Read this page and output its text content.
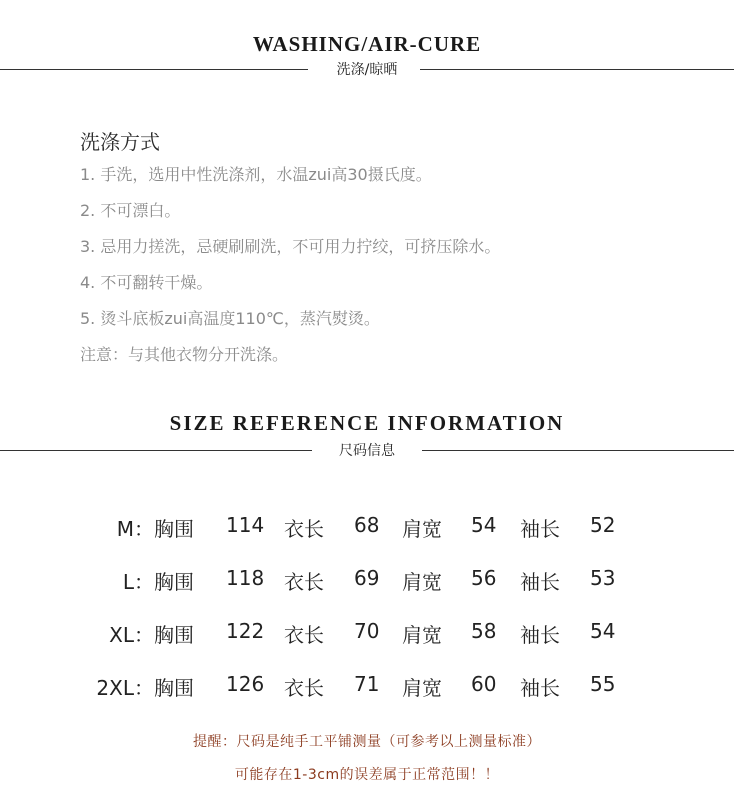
WASHING/AIR-CURE
洗涤/晾晒
洗涤方式
1. 手洗，选用中性洗涤剂，水温zui高30摄氏度。
2. 不可漂白。
3. 忌用力搓洗，忌硬刷刷洗，不可用力拧绞，可挤压除水。
4. 不可翻转干燥。
5. 烫斗底板zui高温度110℃，蒸汽熨烫。
注意：与其他衣物分开洗涤。
SIZE REFERENCE INFORMATION
尺码信息
M： 胸围 114 衣长 68 肩宽 54 袖长 52
L： 胸围 118 衣长 69 肩宽 56 袖长 53
XL： 胸围 122 衣长 70 肩宽 58 袖长 54
2XL： 胸围 126 衣长 71 肩宽 60 袖长 55
提醒：尺码是纯手工平铺测量（可参考以上测量标准）
可能存在1-3cm的误差属于正常范围！！
